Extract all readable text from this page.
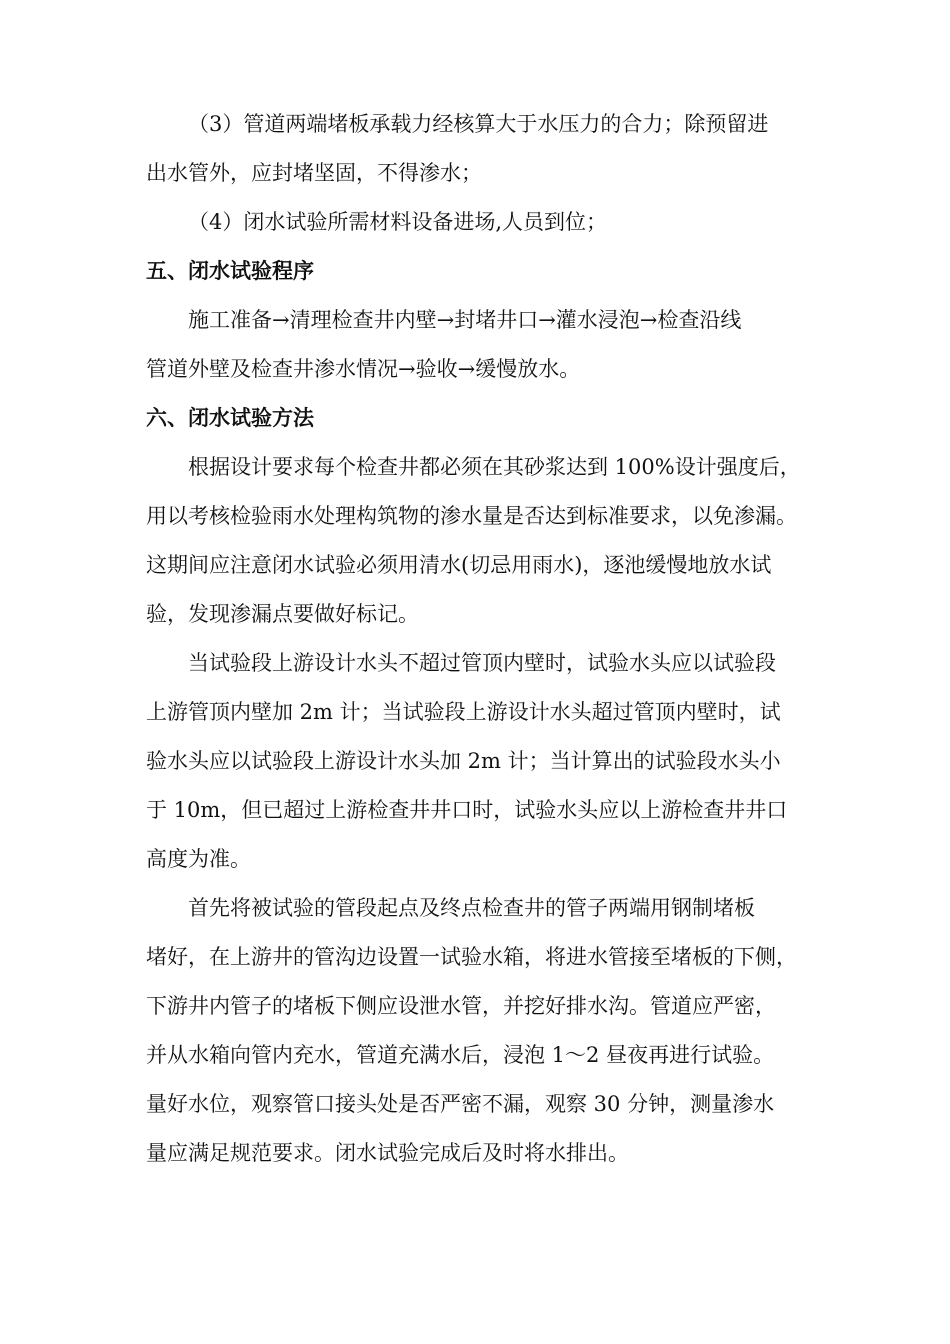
（3）管道两端堵板承载力经核算大于水压力的合力；除预留进
出水管外，应封堵坚固，不得渗水；
（4）闭水试验所需材料设备进场,人员到位；
五、闭水试验程序
施工准备→清理检查井内壁→封堵井口→灌水浸泡→检查沿线
管道外壁及检查井渗水情况→验收→缓慢放水。
六、闭水试验方法
根据设计要求每个检查井都必须在其砂浆达到 100%设计强度后，
用以考核检验雨水处理构筑物的渗水量是否达到标准要求，以免渗漏。
这期间应注意闭水试验必须用清水(切忌用雨水)，逐池缓慢地放水试
验，发现渗漏点要做好标记。
当试验段上游设计水头不超过管顶内壁时，试验水头应以试验段
上游管顶内壁加 2m 计；当试验段上游设计水头超过管顶内壁时，试
验水头应以试验段上游设计水头加 2m 计；当计算出的试验段水头小
于 10m，但已超过上游检查井井口时，试验水头应以上游检查井井口
高度为准。
首先将被试验的管段起点及终点检查井的管子两端用钢制堵板
堵好，在上游井的管沟边设置一试验水箱，将进水管接至堵板的下侧，
下游井内管子的堵板下侧应设泄水管，并挖好排水沟。管道应严密，
并从水箱向管内充水，管道充满水后，浸泡 1～2 昼夜再进行试验。
量好水位，观察管口接头处是否严密不漏，观察 30 分钟，测量渗水
量应满足规范要求。闭水试验完成后及时将水排出。
